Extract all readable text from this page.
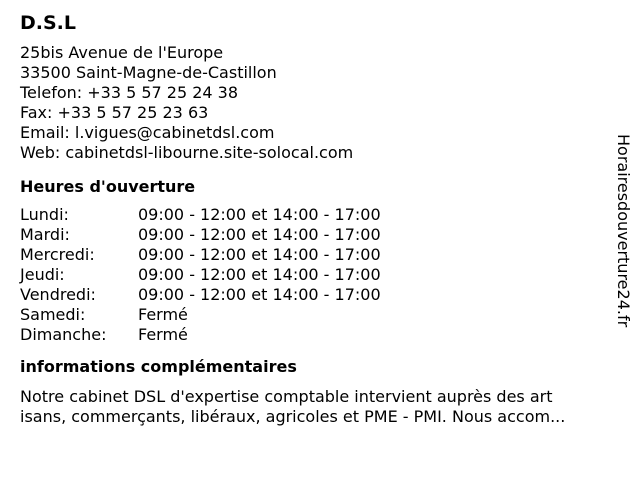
D.S.L
25bis Avenue de l'Europe
33500 Saint-Magne-de-Castillon
Telefon: +33 5 57 25 24 38
Fax: +33 5 57 25 23 63
Email: l.vigues@cabinetdsl.com
Web: cabinetdsl-libourne.site-solocal.com
Heures d'ouverture
Lundi:	09:00 - 12:00 et 14:00 - 17:00
Mardi:	09:00 - 12:00 et 14:00 - 17:00
Mercredi:	09:00 - 12:00 et 14:00 - 17:00
Jeudi:	09:00 - 12:00 et 14:00 - 17:00
Vendredi:	09:00 - 12:00 et 14:00 - 17:00
Samedi:	Fermé
Dimanche:	Fermé
informations complémentaires
Notre cabinet DSL d'expertise comptable intervient auprès des art
isans, commerçants, libéraux, agricoles et PME - PMI. Nous accom...
Horairesdouverture24.fr
